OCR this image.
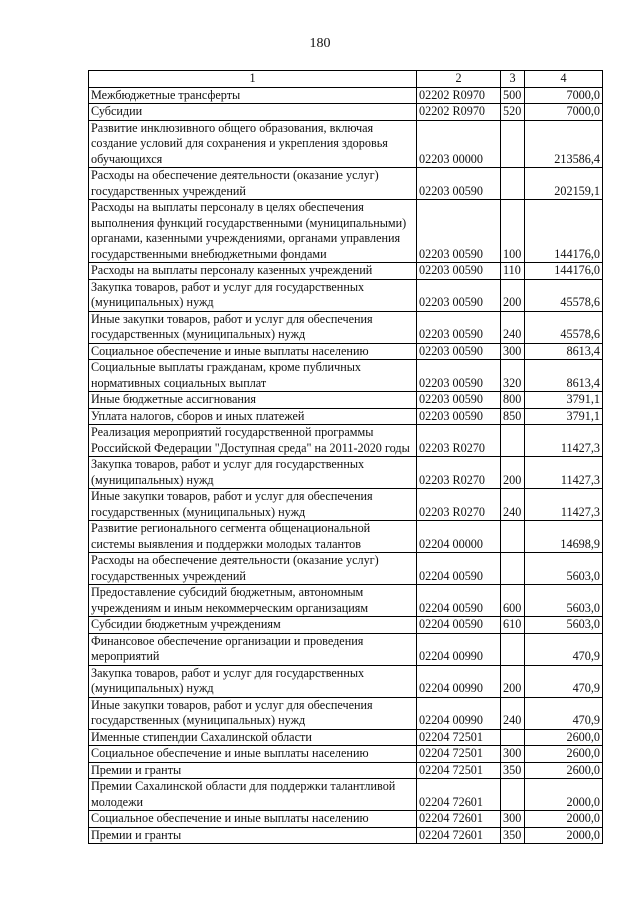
180
1	2	3	4
Межбюджетные трансферты	02202 R0970	500	7000,0
Субсидии	02202 R0970	520	7000,0
Развитие инклюзивного общего образования, включая создание условий для сохранения и укрепления здоровья обучающихся	02203 00000		213586,4
Расходы на обеспечение деятельности (оказание услуг) государственных учреждений	02203 00590		202159,1
Расходы на выплаты персоналу в целях обеспечения выполнения функций государственными (муниципальными) органами, казенными учреждениями, органами управления государственными внебюджетными фондами	02203 00590	100	144176,0
Расходы на выплаты персоналу казенных учреждений	02203 00590	110	144176,0
Закупка товаров, работ и услуг для государственных (муниципальных) нужд	02203 00590	200	45578,6
Иные закупки товаров, работ и услуг для обеспечения государственных (муниципальных) нужд	02203 00590	240	45578,6
Социальное обеспечение и иные выплаты населению	02203 00590	300	8613,4
Социальные выплаты гражданам, кроме публичных нормативных социальных выплат	02203 00590	320	8613,4
Иные бюджетные ассигнования	02203 00590	800	3791,1
Уплата налогов, сборов и иных платежей	02203 00590	850	3791,1
Реализация мероприятий государственной программы Российской Федерации "Доступная среда" на 2011-2020 годы	02203 R0270		11427,3
Закупка товаров, работ и услуг для государственных (муниципальных) нужд	02203 R0270	200	11427,3
Иные закупки товаров, работ и услуг для обеспечения государственных (муниципальных) нужд	02203 R0270	240	11427,3
Развитие регионального сегмента общенациональной системы выявления и поддержки молодых талантов	02204 00000		14698,9
Расходы на обеспечение деятельности (оказание услуг) государственных учреждений	02204 00590		5603,0
Предоставление субсидий бюджетным, автономным учреждениям и иным некоммерческим организациям	02204 00590	600	5603,0
Субсидии бюджетным учреждениям	02204 00590	610	5603,0
Финансовое обеспечение организации и проведения мероприятий	02204 00990		470,9
Закупка товаров, работ и услуг для государственных (муниципальных) нужд	02204 00990	200	470,9
Иные закупки товаров, работ и услуг для обеспечения государственных (муниципальных) нужд	02204 00990	240	470,9
Именные стипендии Сахалинской области	02204 72501		2600,0
Социальное обеспечение и иные выплаты населению	02204 72501	300	2600,0
Премии и гранты	02204 72501	350	2600,0
Премии Сахалинской области для поддержки талантливой молодежи	02204 72601		2000,0
Социальное обеспечение и иные выплаты населению	02204 72601	300	2000,0
Премии и гранты	02204 72601	350	2000,0
